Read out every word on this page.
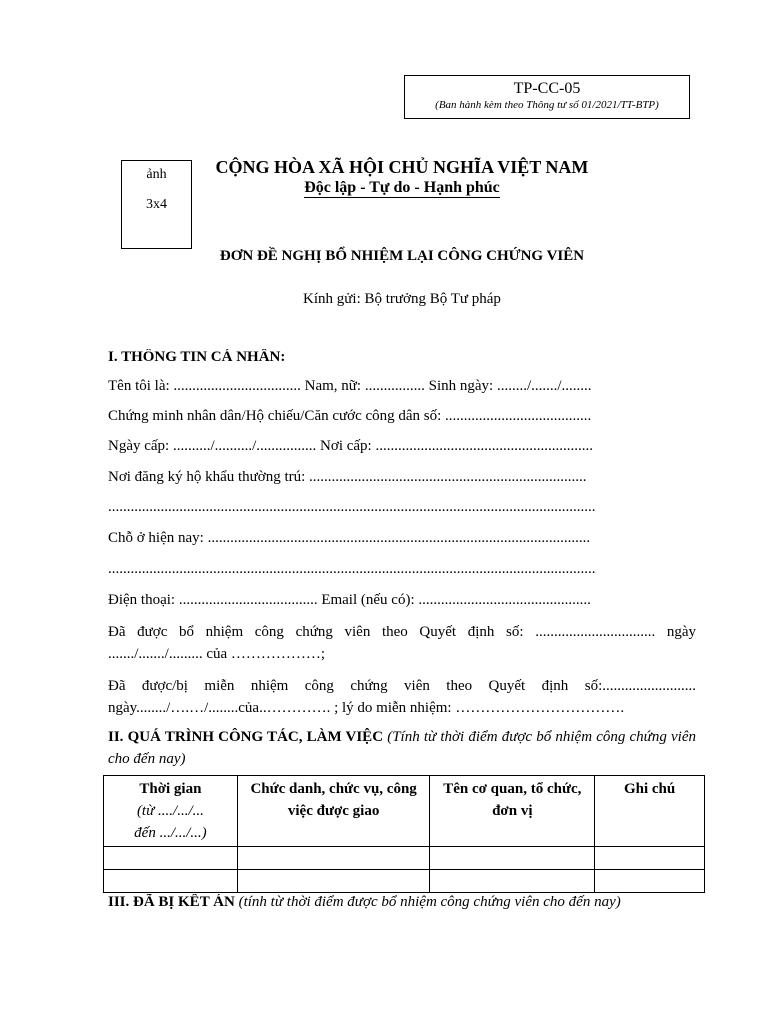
TP-CC-05
(Ban hành kèm theo Thông tư số 01/2021/TT-BTP)
ảnh
3x4
CỘNG HÒA XÃ HỘI CHỦ NGHĨA VIỆT NAM
Độc lập - Tự do - Hạnh phúc
ĐƠN ĐỀ NGHỊ BỔ NHIỆM LẠI CÔNG CHỨNG VIÊN
Kính gửi: Bộ trưởng Bộ Tư pháp
I. THÔNG TIN CÁ NHÂN:
Tên tôi là: .................................. Nam, nữ: ................ Sinh ngày: ......../......./........
Chứng minh nhân dân/Hộ chiếu/Căn cước công dân số: .......................................
Ngày cấp: ........../........../................ Nơi cấp: ..........................................................
Nơi đăng ký hộ khẩu thường trú: ..........................................................................
..................................................................................................................................
Chỗ ở hiện nay: ......................................................................................................
..................................................................................................................................
Điện thoại: ..................................... Email (nếu có): ..............................................
Đã được bổ nhiệm công chứng viên theo Quyết định số: ................................ ngày ......./......./......... của ………………;
Đã được/bị miễn nhiệm công chứng viên theo Quyết định số:......................... ngày......../….…/........của..…………. ; lý do miễn nhiệm: …………………………….
II. QUÁ TRÌNH CÔNG TÁC, LÀM VIỆC (Tính từ thời điểm được bổ nhiệm công chứng viên cho đến nay)
Thời gian
(từ ..../.../...
đến .../.../...)	Chức danh, chức vụ, công việc được giao	Tên cơ quan, tổ chức, đơn vị	Ghi chú

III. ĐÃ BỊ KẾT ÁN (tính từ thời điểm được bổ nhiệm công chứng viên cho đến nay)
